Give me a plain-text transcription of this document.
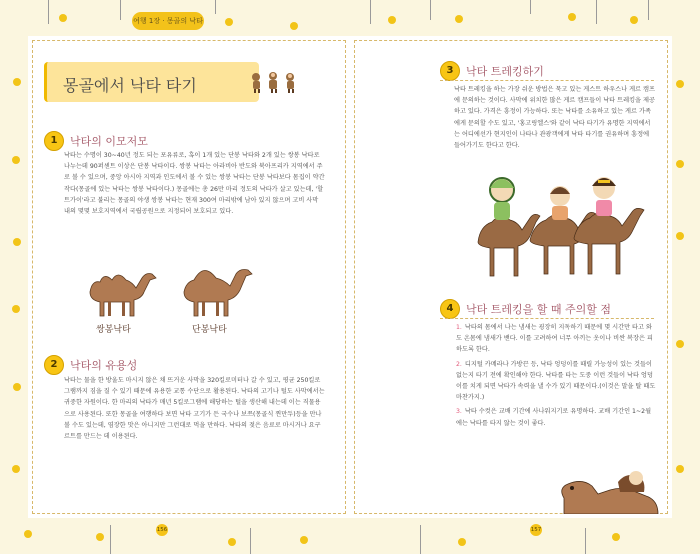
여행 1장 · 몽골의 낙타
몽골에서 낙타 타기
1 낙타의 이모저모
낙타는 수명이 30~40년 정도 되는 포유류로, 혹이 1개 있는 단봉 낙타와 2개 있는 쌍봉 낙타로 나누는데 90퍼센트 이상은 단봉 낙타이다. 쌍봉 낙타는 아라비아 반도와 북아프리카 지역에서 주로 볼 수 있으며, 중앙 아시아 지역과 인도에서 볼 수 있는 쌍봉 낙타는 단봉 낙타보다 몸집이 약간 작다(몽골에 있는 낙타는 쌍봉 낙타이다.) 몽골에는 총 26만 마리 정도의 낙타가 살고 있는데, '할트가이'라고 불리는 몽골의 야생 쌍봉 낙타는 현재 300여 마리밖에 남아 있지 않으며 고비 사막 내의 몇몇 보호지역에서 국립공원으로 지정되어 보호되고 있다.
쌍봉낙타	단봉낙타
2 낙타의 유용성
낙타는 물을 한 방울도 마시지 않은 채 뜨거운 사막을 320킬로미터나 갈 수 있고, 평균 250킬로그램까지 짐을 질 수 있기 때문에 유용한 교통 수단으로 활용된다. 낙타의 고기나 털도 사막에서는 귀중한 자원이다. 한 마리의 낙타가 매년 5킬로그램에 해당하는 털을 생산해 내는데 이는 직물용으로 사용된다. 또한 몽골을 여행하다 보면 낙타 고기가 든 국수나 보쯔(몽골식 찐만두)등을 만나볼 수도 있는데, 염장한 맛은 아니지만 그런대로 먹을 만하다. 낙타의 젖은 음료로 마시거나 요구르트를 만드는 데 이용된다.
3 낙타 트레킹하기
낙타 트레킹을 하는 가장 쉬운 방법은 묵고 있는 게스트 하우스나 게르 캠프에 문의하는 것이다. 사막에 위치한 많은 게르 캠프들이 낙타 트레킹을 제공하고 있다. 가격은 흥정이 가능하다. 또는 낙타를 소유하고 있는 게르 가족에게 문의할 수도 있고, '홍고링엘스'와 같이 낙타 타기가 유명한 지역에서는 어디에선가 현지인이 나타나 관광객에게 낙타 타기를 권유하며 흥정에 들어가기도 한다고 한다.
4 낙타 트레킹을 할 때 주의할 점
1. 낙타의 몸에서 나는 냄새는 굉장히 지독하기 때문에 몇 시간만 타고 와도 온몸에 냄새가 밴다. 이를 고려하여 너무 아끼는 옷이나 비싼 복장은 피하도록 한다.
2. 디지털 카메라나 가방끈 등, 낙타 엉덩이를 때릴 가능성이 있는 것들이 없는지 타기 전에 확인해야 한다. 낙타를 타는 도중 이런 것들이 낙타 엉덩이를 치게 되면 낙타가 속력을 낼 수가 있기 때문이다.(이것은 말을 탈 때도 마찬가지.)
3. 낙타 수컷은 교배 기간에 사나워지기로 유명하다. 교배 기간인 1~2월에는 낙타를 타지 않는 것이 좋다.
156	157
